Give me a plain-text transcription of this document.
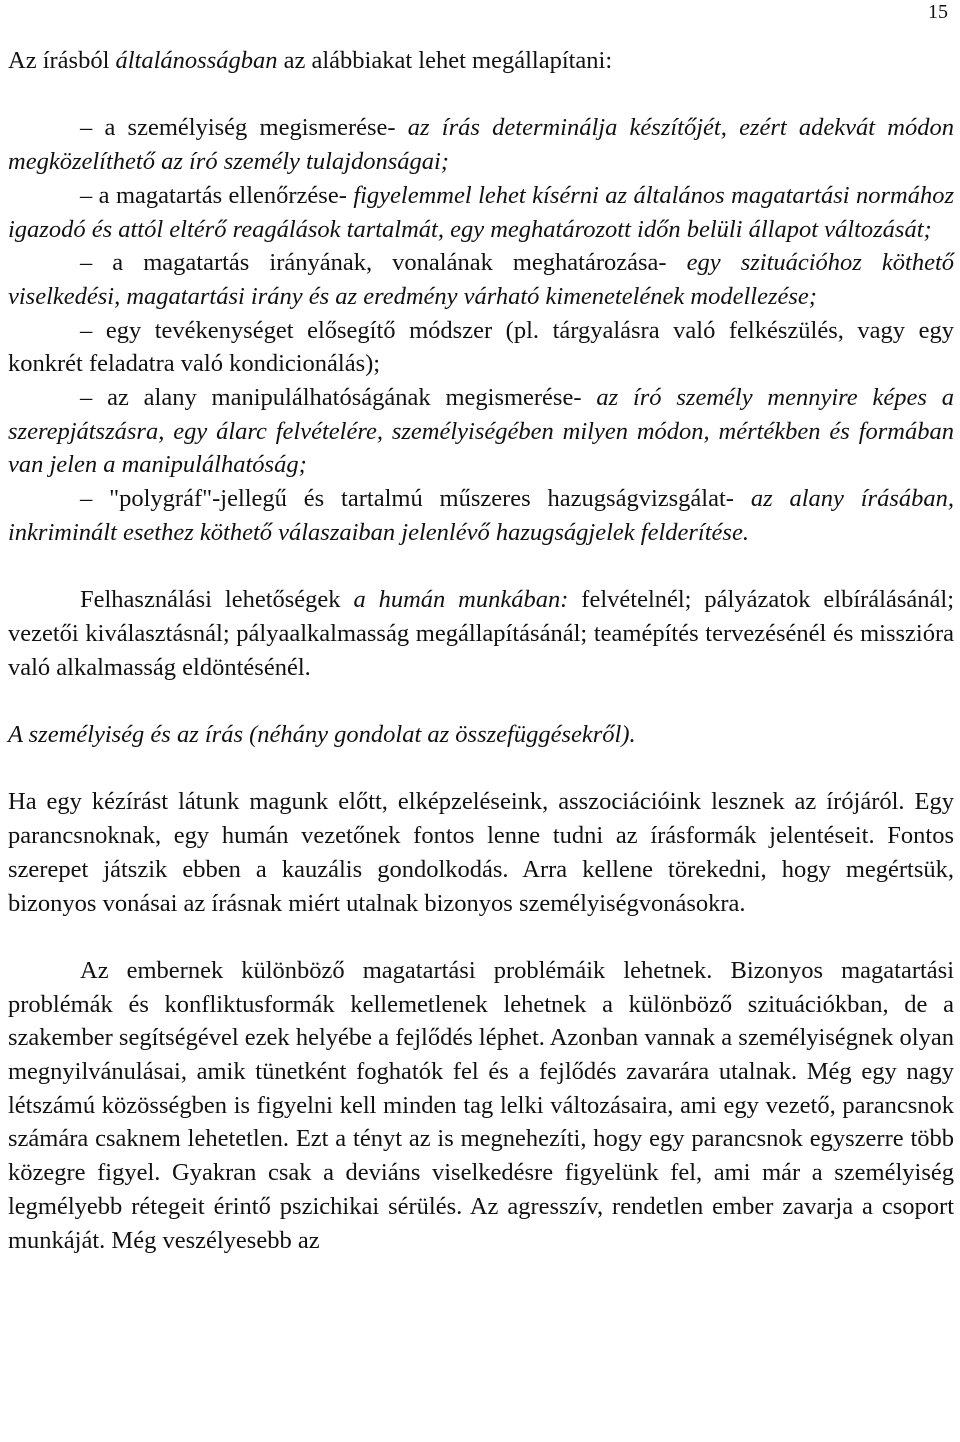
15

Az írásból általánosságban az alábbiakat lehet megállapítani:

– a személyiség megismerése- az írás determinálja készítőjét, ezért adekvát módon megközelíthető az író személy tulajdonságai;

– a magatartás ellenőrzése- figyelemmel lehet kísérni az általános magatartási normához igazodó és attól eltérő reagálások tartalmát, egy meghatározott időn belüli állapot változását;

– a magatartás irányának, vonalának meghatározása- egy szituációhoz köthető viselkedési, magatartási irány és az eredmény várható kimenetelének modellezése;

– egy tevékenységet elősegítő módszer (pl. tárgyalásra való felkészülés, vagy egy konkrét feladatra való kondicionálás);

– az alany manipulálhatóságának megismerése- az író személy mennyire képes a szerepjátszásra, egy álarc felvételére, személyiségében milyen módon, mértékben és formában van jelen a manipulálhatóság;

– "polygráf"-jellegű és tartalmú műszeres hazugságvizsgálat- az alany írásában, inkriminált esethez köthető válaszaiban jelenlévő hazugságjelek felderítése.

Felhasználási lehetőségek a humán munkában: felvételnél; pályázatok elbírálásánál; vezetői kiválasztásnál; pályaalkalmasság megállapításánál; teamépítés tervezésénél és misszióra való alkalmasság eldöntésénél.

A személyiség és az írás (néhány gondolat az összefüggésekről).

Ha egy kézírást látunk magunk előtt, elképzeléseink, asszociációink lesznek az írójáról. Egy parancsnoknak, egy humán vezetőnek fontos lenne tudni az írásformák jelentéseit. Fontos szerepet játszik ebben a kauzális gondolkodás. Arra kellene törekedni, hogy megértsük, bizonyos vonásai az írásnak miért utalnak bizonyos személyiségvonásokra.

Az embernek különböző magatartási problémáik lehetnek. Bizonyos magatartási problémák és konfliktusformák kellemetlenek lehetnek a különböző szituációkban, de a szakember segítségével ezek helyébe a fejlődés léphet. Azonban vannak a személyiségnek olyan megnyilvánulásai, amik tünetként foghatók fel és a fejlődés zavarára utalnak. Még egy nagy létszámú közösségben is figyelni kell minden tag lelki változásaira, ami egy vezető, parancsnok számára csaknem lehetetlen. Ezt a tényt az is megnehezíti, hogy egy parancsnok egyszerre több közegre figyel. Gyakran csak a deviáns viselkedésre figyelünk fel, ami már a személyiség legmélyebb rétegeit érintő pszichikai sérülés. Az agresszív, rendetlen ember zavarja a csoport munkáját. Még veszélyesebb az
